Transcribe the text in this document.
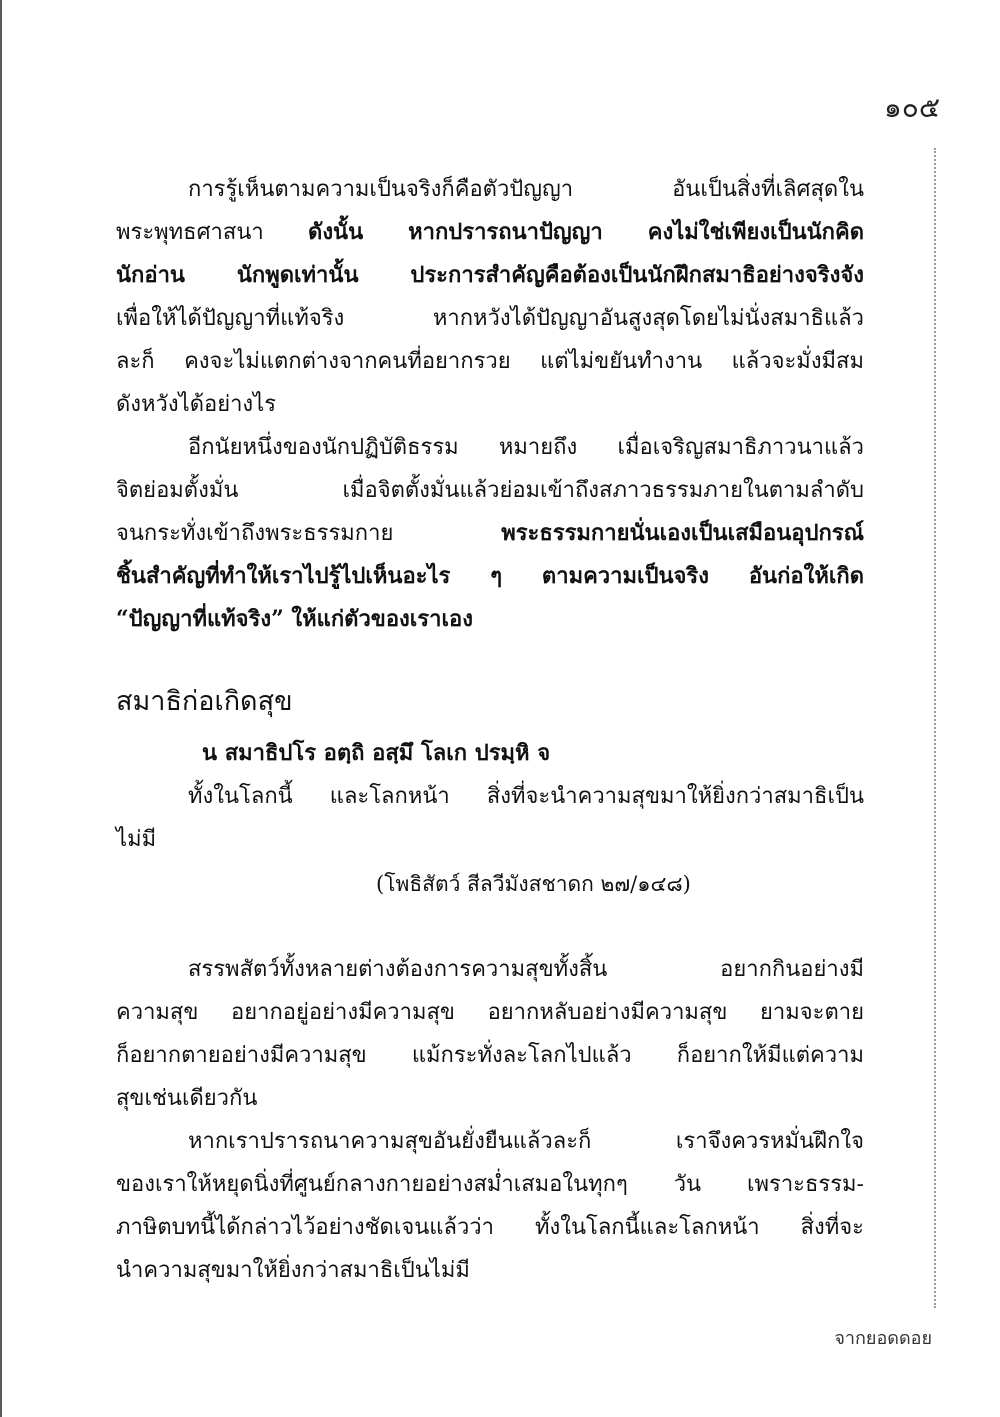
๑๐๕
การรู้เห็นตามความเป็นจริงก็คือตัวปัญญา อันเป็นสิ่งที่เลิศสุดใน
พระพุทธศาสนา ดังนั้น หากปรารถนาปัญญา คงไม่ใช่เพียงเป็นนักคิด
นักอ่าน นักพูดเท่านั้น ประการสำคัญคือต้องเป็นนักฝึกสมาธิอย่างจริงจัง
เพื่อให้ได้ปัญญาที่แท้จริง หากหวังได้ปัญญาอันสูงสุดโดยไม่นั่งสมาธิแล้ว
ละก็ คงจะไม่แตกต่างจากคนที่อยากรวย แต่ไม่ขยันทำงาน แล้วจะมั่งมีสม
ดังหวังได้อย่างไร
อีกนัยหนึ่งของนักปฏิบัติธรรม หมายถึง เมื่อเจริญสมาธิภาวนาแล้ว
จิตย่อมตั้งมั่น เมื่อจิตตั้งมั่นแล้วย่อมเข้าถึงสภาวธรรมภายในตามลำดับ
จนกระทั่งเข้าถึงพระธรรมกาย พระธรรมกายนั่นเองเป็นเสมือนอุปกรณ์
ชิ้นสำคัญที่ทำให้เราไปรู้ไปเห็นอะไร ๆ ตามความเป็นจริง อันก่อให้เกิด
“ปัญญาที่แท้จริง” ให้แก่ตัวของเราเอง
สมาธิก่อเกิดสุข
น สมาธิปโร อตฺถิ อสฺมึ โลเก ปรมฺหิ จ
ทั้งในโลกนี้ และโลกหน้า สิ่งที่จะนำความสุขมาให้ยิ่งกว่าสมาธิเป็น
ไม่มี
(โพธิสัตว์ สีลวีมังสชาดก ๒๗/๑๔๘)
สรรพสัตว์ทั้งหลายต่างต้องการความสุขทั้งสิ้น อยากกินอย่างมี
ความสุข อยากอยู่อย่างมีความสุข อยากหลับอย่างมีความสุข ยามจะตาย
ก็อยากตายอย่างมีความสุข แม้กระทั่งละโลกไปแล้ว ก็อยากให้มีแต่ความ
สุขเช่นเดียวกัน
หากเราปรารถนาความสุขอันยั่งยืนแล้วละก็ เราจึงควรหมั่นฝึกใจ
ของเราให้หยุดนิ่งที่ศูนย์กลางกายอย่างสม่ำเสมอในทุกๆ วัน เพราะธรรม-
ภาษิตบทนี้ได้กล่าวไว้อย่างชัดเจนแล้วว่า ทั้งในโลกนี้และโลกหน้า สิ่งที่จะ
นำความสุขมาให้ยิ่งกว่าสมาธิเป็นไม่มี
จากยอดดอย
